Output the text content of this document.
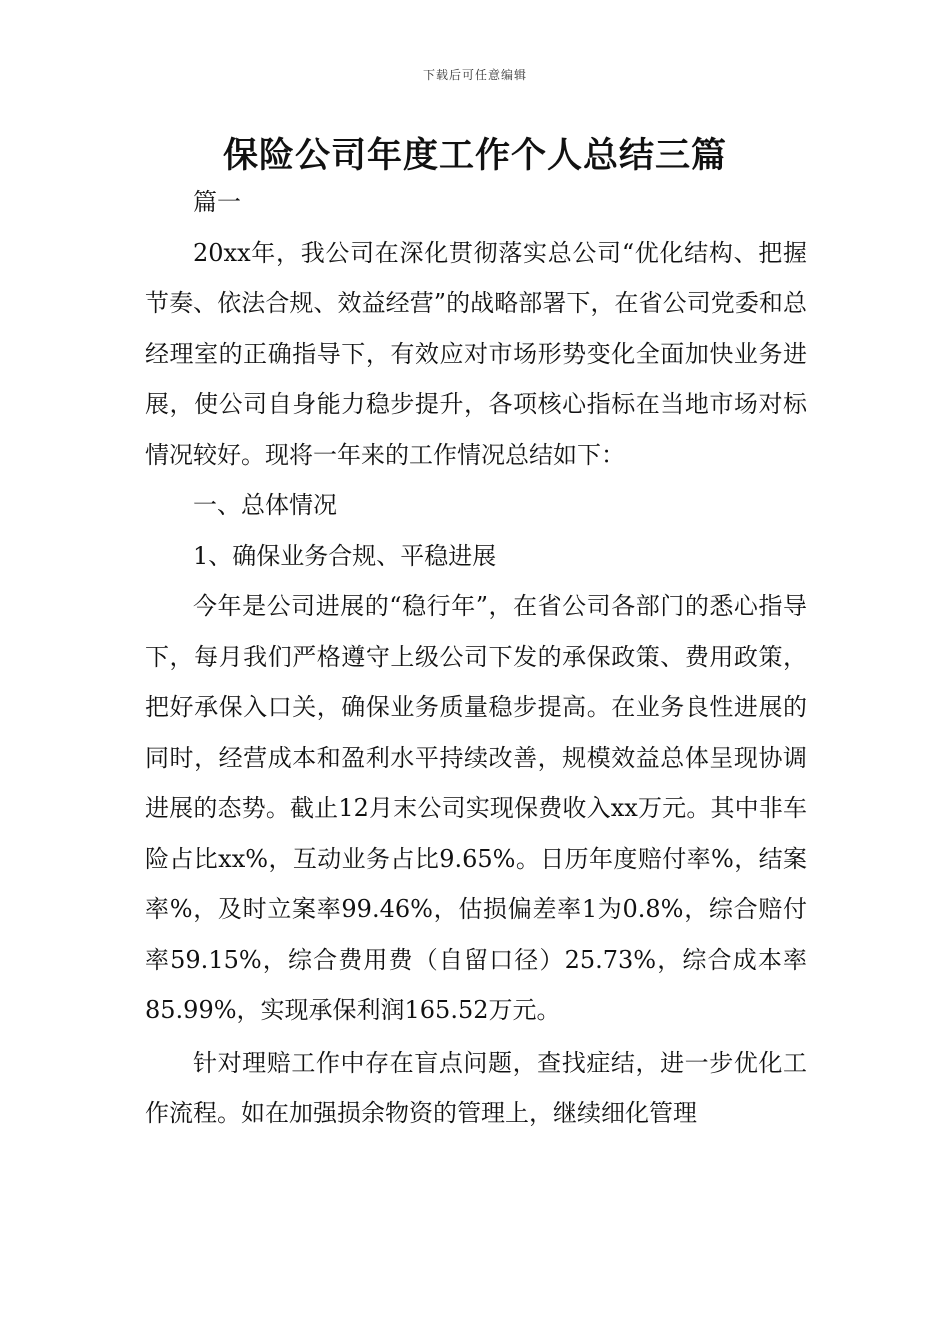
下载后可任意编辑
保险公司年度工作个人总结三篇

篇一

20xx年，我公司在深化贯彻落实总公司“优化结构、把握节奏、依法合规、效益经营”的战略部署下，在省公司党委和总经理室的正确指导下，有效应对市场形势变化全面加快业务进展，使公司自身能力稳步提升，各项核心指标在当地市场对标情况较好。现将一年来的工作情况总结如下：

一、总体情况

1、确保业务合规、平稳进展

今年是公司进展的“稳行年”，在省公司各部门的悉心指导下，每月我们严格遵守上级公司下发的承保政策、费用政策，把好承保入口关，确保业务质量稳步提高。在业务良性进展的同时，经营成本和盈利水平持续改善，规模效益总体呈现协调进展的态势。截止12月末公司实现保费收入xx万元。其中非车险占比xx%，互动业务占比9.65%。日历年度赔付率%，结案率%，及时立案率99.46%，估损偏差率1为0.8%，综合赔付率59.15%，综合费用费（自留口径）25.73%，综合成本率85.99%，实现承保利润165.52万元。

针对理赔工作中存在盲点问题，查找症结，进一步优化工作流程。如在加强损余物资的管理上，继续细化管理
